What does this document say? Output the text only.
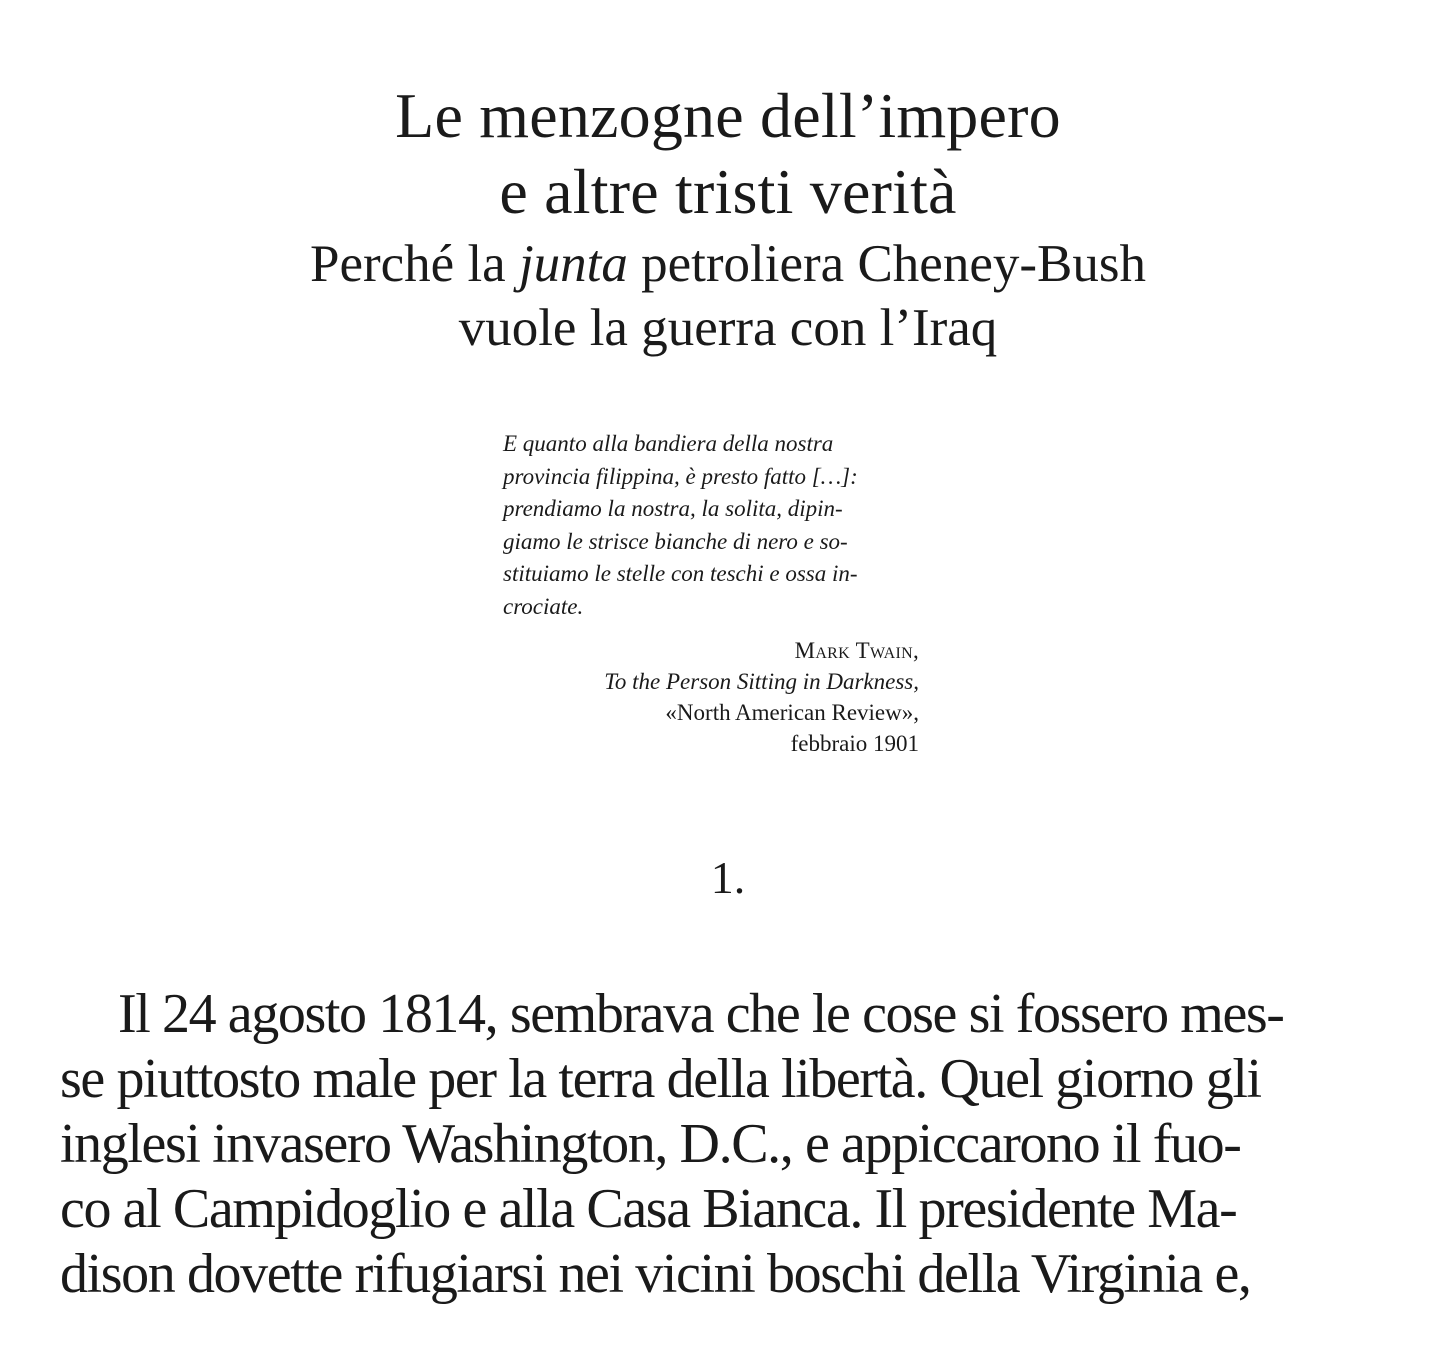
Le menzogne dell’impero
e altre tristi verità
Perché la junta petroliera Cheney-Bush
vuole la guerra con l’Iraq

E quanto alla bandiera della nostra
provincia filippina, è presto fatto […]:
prendiamo la nostra, la solita, dipin-
giamo le strisce bianche di nero e so-
stituiamo le stelle con teschi e ossa in-
crociate.

Mark Twain,
To the Person Sitting in Darkness,
«North American Review»,
febbraio 1901
1.
Il 24 agosto 1814, sembrava che le cose si fossero mes-
se piuttosto male per la terra della libertà. Quel giorno gli
inglesi invasero Washington, D.C., e appiccarono il fuo-
co al Campidoglio e alla Casa Bianca. Il presidente Ma-
dison dovette rifugiarsi nei vicini boschi della Virginia e,
